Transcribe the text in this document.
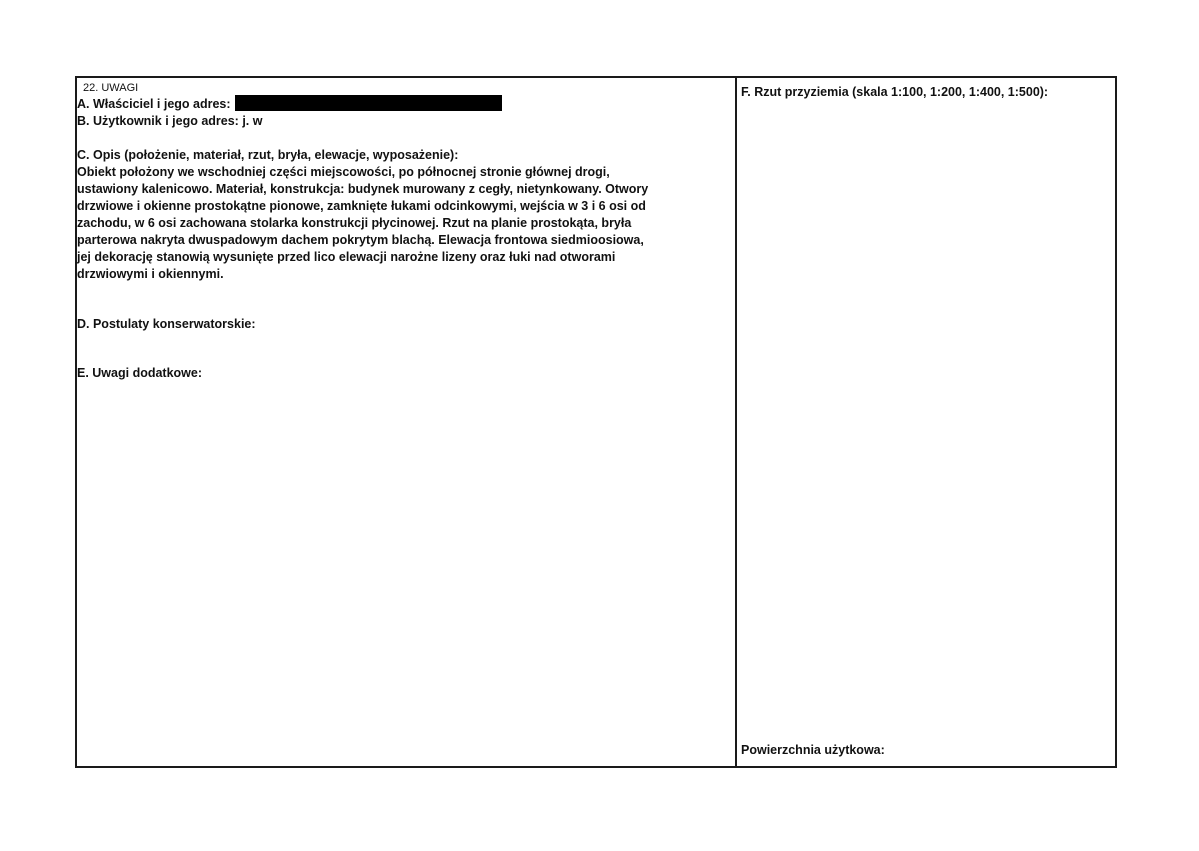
22. UWAGI
A. Właściciel i jego adres:
B. Użytkownik i jego adres: j. w
C. Opis (położenie, materiał, rzut, bryła, elewacje, wyposażenie):
Obiekt położony we wschodniej części miejscowości, po północnej stronie głównej drogi,
ustawiony kalenicowo. Materiał, konstrukcja: budynek murowany z cegły, nietynkowany. Otwory
drzwiowe i okienne prostokątne pionowe, zamknięte łukami odcinkowymi, wejścia w 3 i 6 osi od
zachodu, w 6 osi zachowana stolarka konstrukcji płycinowej. Rzut na planie prostokąta, bryła
parterowa nakryta dwuspadowym dachem pokrytym blachą. Elewacja frontowa siedmioosiowa,
jej dekorację stanowią wysunięte przed lico elewacji narożne lizeny oraz łuki nad otworami
drzwiowymi i okiennymi.
D. Postulaty konserwatorskie:
E. Uwagi dodatkowe:
F. Rzut przyziemia (skala 1:100, 1:200, 1:400, 1:500):
Powierzchnia użytkowa:
